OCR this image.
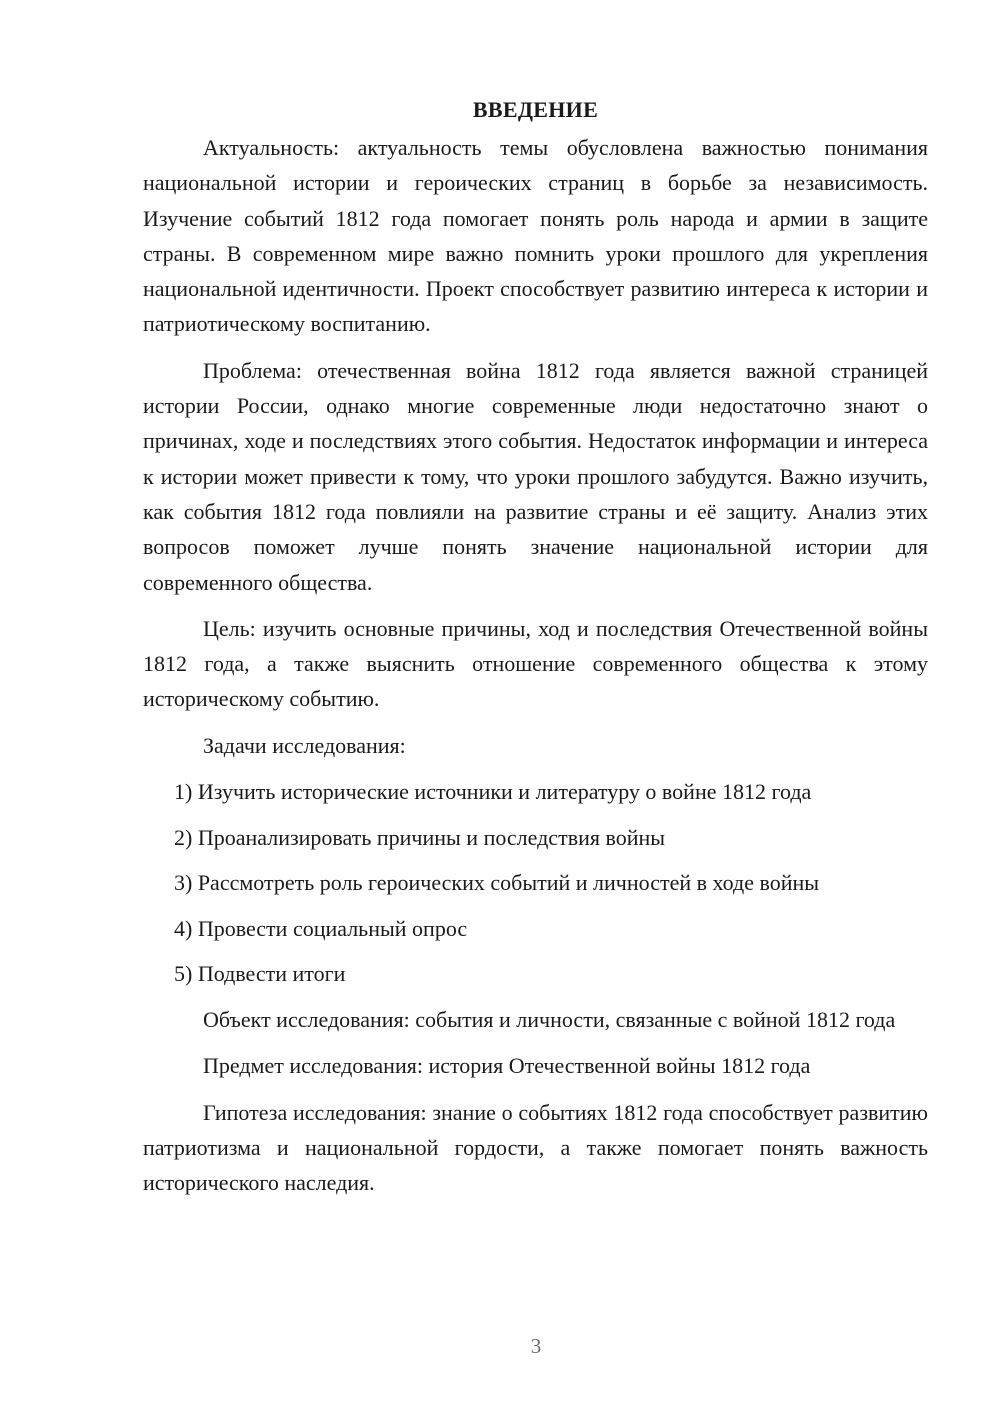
ВВЕДЕНИЕ

Актуальность: актуальность темы обусловлена важностью понимания национальной истории и героических страниц в борьбе за независимость. Изучение событий 1812 года помогает понять роль народа и армии в защите страны. В современном мире важно помнить уроки прошлого для укрепления национальной идентичности. Проект способствует развитию интереса к истории и патриотическому воспитанию.

Проблема: отечественная война 1812 года является важной страницей истории России, однако многие современные люди недостаточно знают о причинах, ходе и последствиях этого события. Недостаток информации и интереса к истории может привести к тому, что уроки прошлого забудутся. Важно изучить, как события 1812 года повлияли на развитие страны и её защиту. Анализ этих вопросов поможет лучше понять значение национальной истории для современного общества.

Цель: изучить основные причины, ход и последствия Отечественной войны 1812 года, а также выяснить отношение современного общества к этому историческому событию.

Задачи исследования:
1) Изучить исторические источники и литературу о войне 1812 года
2) Проанализировать причины и последствия войны
3) Рассмотреть роль героических событий и личностей в ходе войны
4) Провести социальный опрос
5) Подвести итоги

Объект исследования: события и личности, связанные с войной 1812 года

Предмет исследования: история Отечественной войны 1812 года

Гипотеза исследования: знание о событиях 1812 года способствует развитию патриотизма и национальной гордости, а также помогает понять важность исторического наследия.

3
